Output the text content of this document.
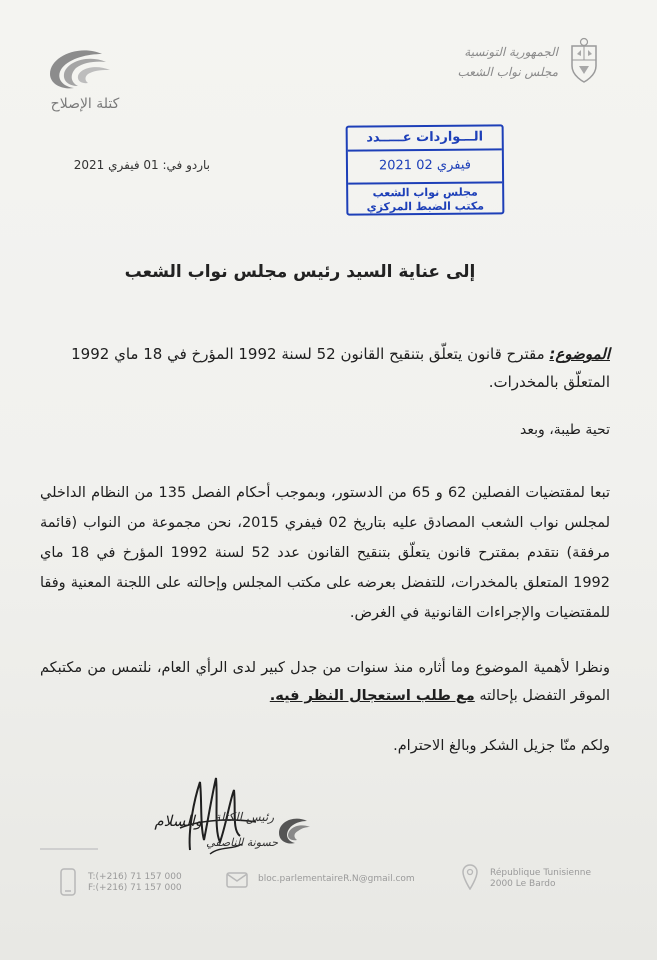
كتلة الإصلاح
الجمهورية التونسية
مجلس نواب الشعب
باردو في: 01 فيفري 2021
الـــواردات عـــــدد
فيفري 02 2021
مجلس نواب الشعب
مكتب الضبط المركزي
إلى عناية السيد رئيس مجلس نواب الشعب
الموضوع: مقترح قانون يتعلّق بتنقيح القانون 52 لسنة 1992 المؤرخ في 18 ماي 1992 المتعلّق بالمخدرات.
تحية طيبة، وبعد
تبعا لمقتضيات الفصلين 62 و 65 من الدستور، وبموجب أحكام الفصل 135 من النظام الداخلي لمجلس نواب الشعب المصادق عليه بتاريخ 02 فيفري 2015، نحن مجموعة من النواب (قائمة مرفقة) نتقدم بمقترح قانون يتعلّق بتنقيح القانون عدد 52 لسنة 1992 المؤرخ في 18 ماي 1992 المتعلق بالمخدرات، للتفضل بعرضه على مكتب المجلس وإحالته على اللجنة المعنية وفقا للمقتضيات والإجراءات القانونية في الغرض.
ونظرا لأهمية الموضوع وما أثاره منذ سنوات من جدل كبير لدى الرأي العام، نلتمس من مكتبكم الموقر التفضل بإحالته مع طلب استعجال النظر فيه.
ولكم منّا جزيل الشكر وبالغ الاحترام.
والسلام	رئيس الكتلة
حسونة الناصفي
T:(+216) 71 157 000
F:(+216) 71 157 000
bloc.parlementaireR.N@gmail.com
République Tunisienne
2000 Le Bardo
